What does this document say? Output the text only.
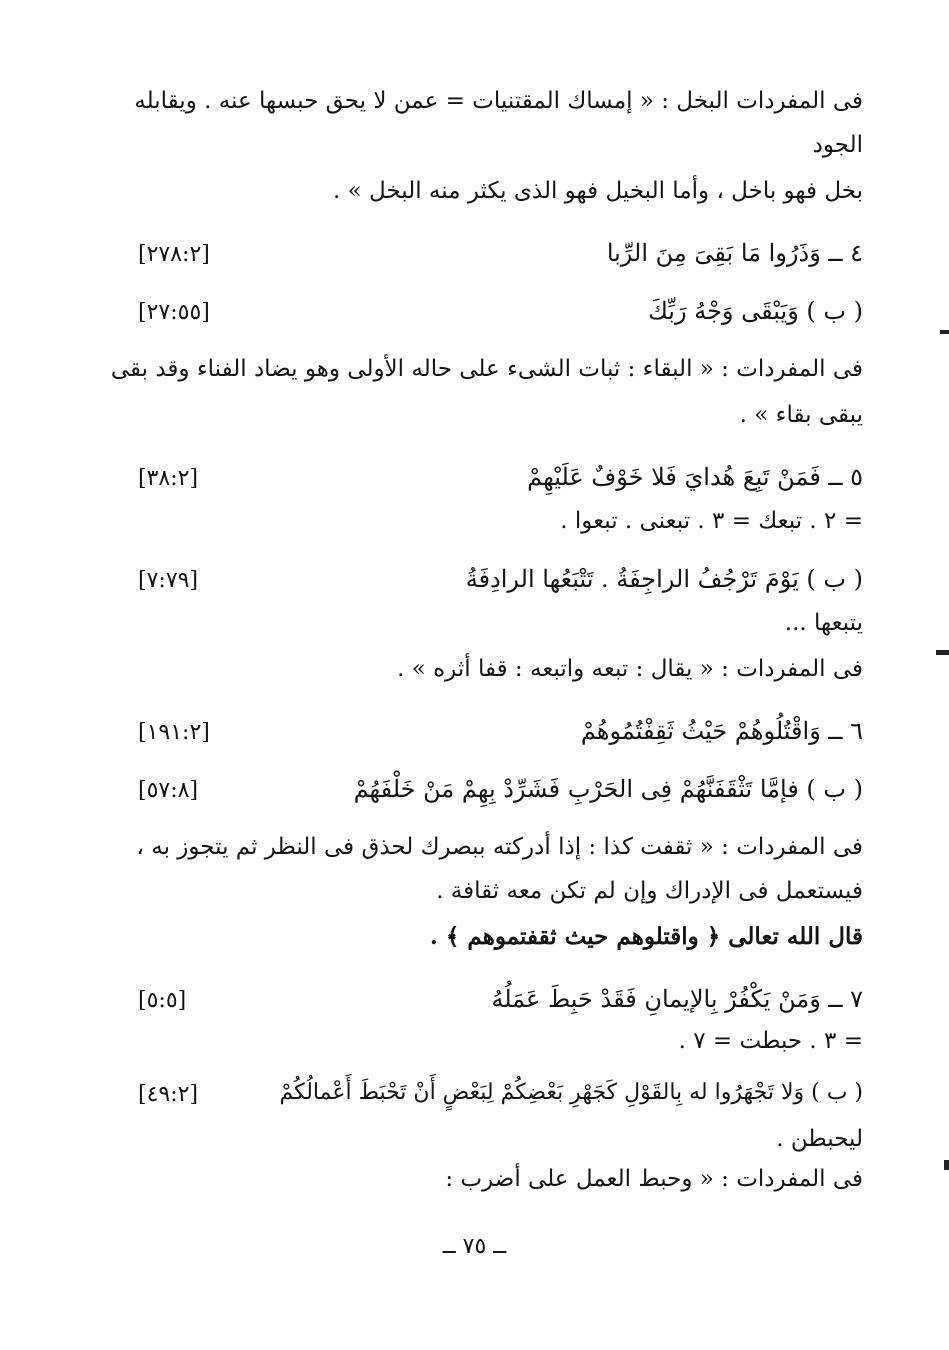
فى المفردات البخل : « إمساك المقتنيات = عمن لا يحق حبسها عنه . ويقابله
الجود
بخل فهو باخل ، وأما البخيل فهو الذى يكثر منه البخل » .
٤ ــ وَذَرُوا مَا بَقِىَ مِنَ الرِّبا
[٢٧٨:٢]
( ب ) وَيَبْقَى وَجْهُ رَبِّكَ
[٢٧:٥٥]
فى المفردات : « البقاء : ثبات الشىء على حاله الأولى وهو يضاد الفناء وقد بقى
يبقى بقاء » .
٥ ــ فَمَنْ تَبِعَ هُدايَ فَلا خَوْفٌ عَلَيْهِمْ
[٣٨:٢]
= ٢ . تبعك = ٣ . تبعنى . تبعوا .
( ب ) يَوْمَ تَرْجُفُ الراجِفَةُ . تَتْبَعُها الرادِفَةُ
[٧:٧٩]
يتبعها ...
فى المفردات : « يقال : تبعه واتبعه : قفا أثره » .
٦ ــ وَاقْتُلُوهُمْ حَيْثُ ثَقِفْتُمُوهُمْ
[١٩١:٢]
( ب ) فإمَّا تَثْقَفَنَّهُمْ فِى الحَرْبِ فَشَرِّدْ بِهِمْ مَنْ خَلْفَهُمْ
[٥٧:٨]
فى المفردات : « ثقفت كذا : إذا أدركته ببصرك لحذق فى النظر ثم يتجوز به ،
فيستعمل فى الإدراك وإن لم تكن معه ثقافة .
قال الله تعالى ﴿ واقتلوهم حيث ثقفتموهم ﴾ .
٧ ــ وَمَنْ يَكْفُرْ بِالإيمانِ فَقَدْ حَبِطَ عَمَلُهُ
[٥:٥]
= ٣ . حبطت = ٧ .
( ب ) وَلا تَجْهَرُوا له بِالقَوْلِ كَجَهْرِ بَعْضِكُمْ لِبَعْضٍ أَنْ تَحْبَطَ أَعْمالُكُمْ
[٤٩:٢]
ليحبطن .
فى المفردات : « وحبط العمل على أضرب :
ــ ٧٥ ــ
